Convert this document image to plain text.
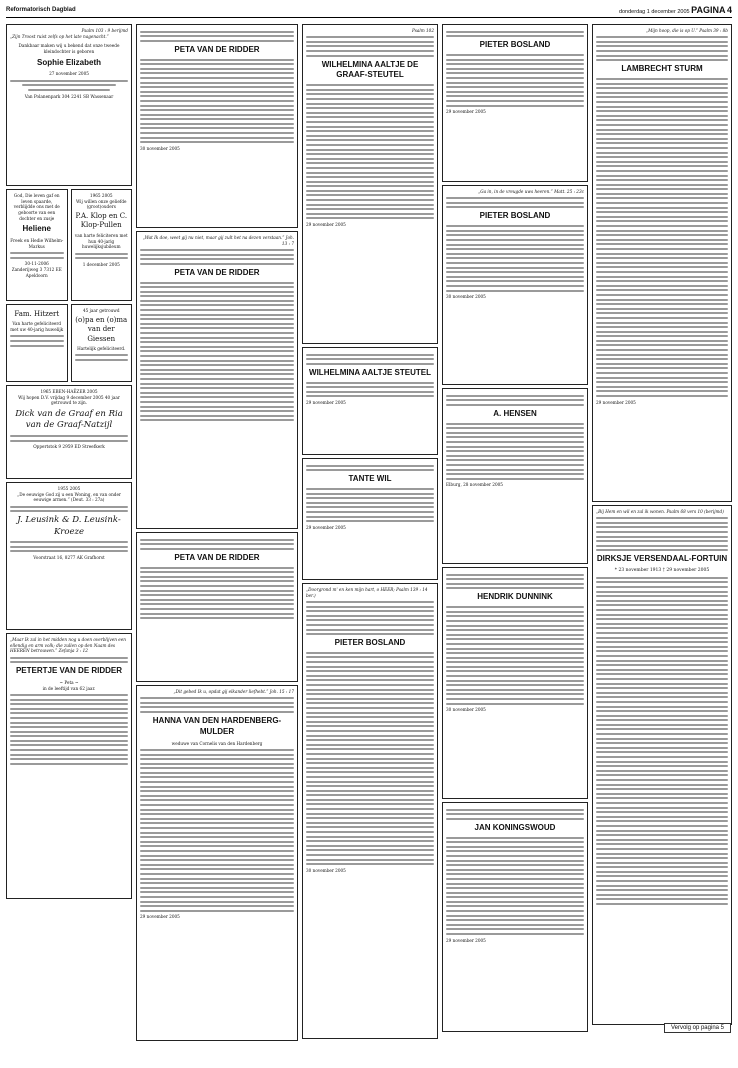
Reformatorisch Dagblad	donderdag 1 december 2005 PAGINA 4
Psalm 103 : 9 berijmd
„Zijn Troost ruist zelfs op het late nagenacht.”
Dankbaar maken wij u bekend dat onze tweede kleindochter is geboren
Sophie Elizabeth
27 november 2005
Van Polanenpark 304 2241 SB Wassenaar
God, Die leven gaf en leven spaarde, verblijdde ons met de geboorte van een dochter en zusje
Heliene
Freek en Hedie Wilhelm-Markus
30-11-2006
Zanderijweg 3 7312 EE Apeldoorn
1965 2005
Wij willen onze geliefde (groot)ouders
P.A. Klop en C. Klop-Pullen
van harte feliciteren met hun 40-jarig huwelijksjubileum
1 december 2005
Fam. Hitzert
Van harte gefeliciteerd met uw 40-jarig huwelijk
45 jaar getrouwd
(o)pa en (o)ma van der Giessen
Hartelijk gefeliciteerd.
1965 EBEN-HAËZER 2005
Wij hopen D.V. vrijdag 9 december 2005 40 jaar getrouwd te zijn.
Dick van de Graaf en Ria van de Graaf-Natzijl
Oppertstok 9 2959 ED Streefkerk
1955 2005
„De eeuwige God zij u een Woning, en van onder eeuwige armen.” (Deut. 33 : 27a)
J. Leusink & D. Leusink-Kroeze
Voorstraat 16, 8277 AK Grafhorst
„Maar Ik zal in het midden nog u doen overblijven een ellendig en arm volk; die zullen op den Naam des HEEREN betrouwen.” Zefanja 3 : 12
PETERTJE VAN DE RIDDER
~ Peta ~
in de leeftijd van 62 jaar.
PETA VAN DE RIDDER
30 november 2005
„Wat Ik doe, weet gij nu niet, maar gij zult het na dezen verstaan.” Joh. 13 : 7
PETA VAN DE RIDDER
PETA VAN DE RIDDER
„Dit gebed Ik u, opdat gij elkander liefhebt.” Joh. 15 : 17
HANNA VAN DEN HARDENBERG-MULDER
weduwe van Cornelis van den Hardenberg
29 november 2005
Psalm 102
WILHELMINA AALTJE DE GRAAF-STEUTEL
29 november 2005
WILHELMINA AALTJE STEUTEL
29 november 2005
TANTE WIL
29 november 2005
„Doorgrond m' en ken mijn hart, o HEER; Psalm 139 : 14 ber.)
PIETER BOSLAND
30 november 2005
PIETER BOSLAND
29 november 2005
„Ga in, in de vreugde uws heeren.” Matt. 25 : 23c
PIETER BOSLAND
30 november 2005
A. HENSEN
Elburg, 28 november 2005
HENDRIK DUNNINK
30 november 2005
JAN KONINGSWOUD
29 november 2005
„Mijn hoop, die is op U.” Psalm 39 : 8b
LAMBRECHT STURM
29 november 2005
„Bij Hem en wil en zal ik wonen. Psalm 68 vers 10 (berijmd)
DIRKSJE VERSENDAAL-FORTUIN
* 23 november 1913 † 29 november 2005
Vervolg op pagina 5
